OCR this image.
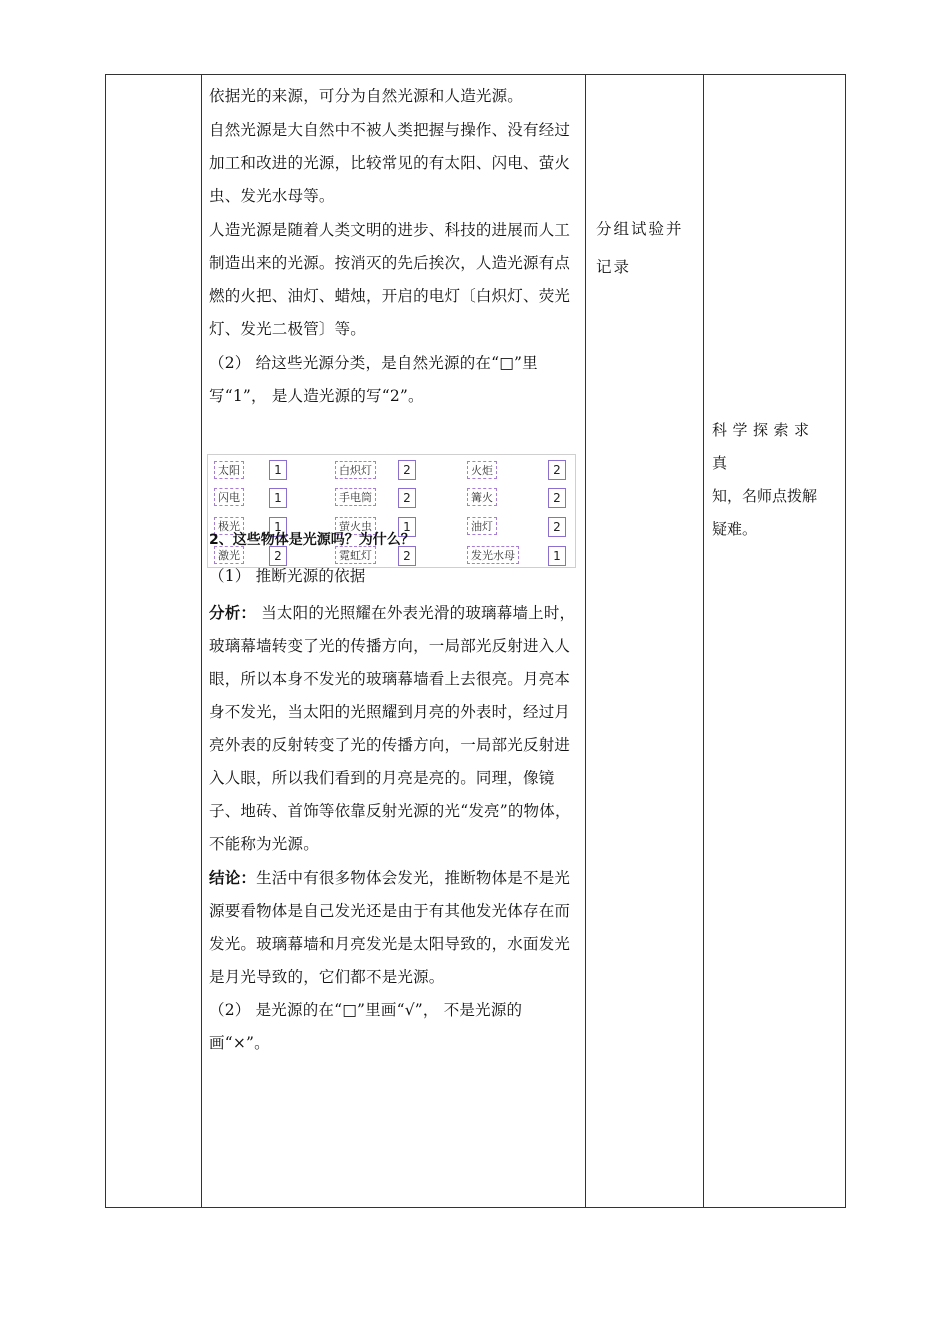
依据光的来源，可分为自然光源和人造光源。

自然光源是大自然中不被人类把握与操作、没有经过加工和改进的光源，比较常见的有太阳、闪电、萤火虫、发光水母等。

人造光源是随着人类文明的进步、科技的进展而人工制造出来的光源。按消灭的先后挨次，人造光源有点燃的火把、油灯、蜡烛，开启的电灯〔白炽灯、荧光灯、发光二极管〕等。

（2） 给这些光源分类，是自然光源的在“□”里写“1”， 是人造光源的写“2”。

太阳	1	白炽灯	2	火炬	2
闪电	1	手电筒	2	篝火	2
极光	1	萤火虫	1	油灯	2
激光	2	霓虹灯	2	发光水母	1
2、这些物体是光源吗？为什么？

（1） 推断光源的依据

分析： 当太阳的光照耀在外表光滑的玻璃幕墙上时，玻璃幕墙转变了光的传播方向，一局部光反射进入人眼，所以本身不发光的玻璃幕墙看上去很亮。月亮本身不发光，当太阳的光照耀到月亮的外表时，经过月亮外表的反射转变了光的传播方向，一局部光反射进入人眼，所以我们看到的月亮是亮的。同理，像镜子、地砖、首饰等依靠反射光源的光“发亮”的物体，不能称为光源。

结论：生活中有很多物体会发光，推断物体是不是光源要看物体是自己发光还是由于有其他发光体存在而发光。玻璃幕墙和月亮发光是太阳导致的，水面发光是月光导致的，它们都不是光源。

（2） 是光源的在“□”里画“√”， 不是光源的画“×”。

分组试验并
记录
科学探索求真
知，名师点拨解
疑难。
